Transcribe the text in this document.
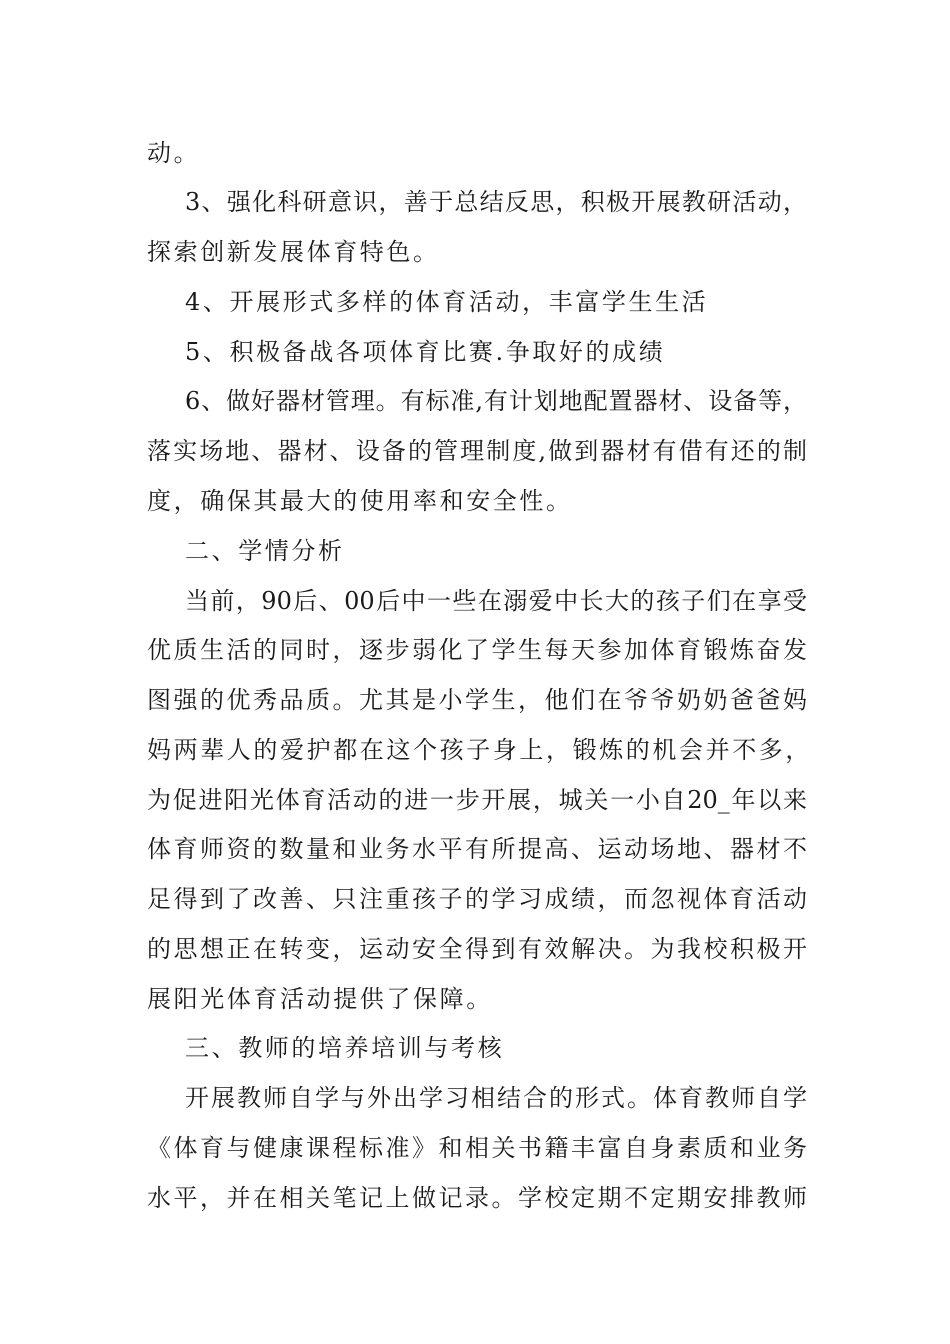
动。
3、强化科研意识，善于总结反思，积极开展教研活动，
探索创新发展体育特色。
4、开展形式多样的体育活动，丰富学生生活
5、积极备战各项体育比赛.争取好的成绩
6、做好器材管理。有标准,有计划地配置器材、设备等，
落实场地、器材、设备的管理制度,做到器材有借有还的制
度，确保其最大的使用率和安全性。
二、学情分析
当前，90后、00后中一些在溺爱中长大的孩子们在享受
优质生活的同时，逐步弱化了学生每天参加体育锻炼奋发
图强的优秀品质。尤其是小学生，他们在爷爷奶奶爸爸妈
妈两辈人的爱护都在这个孩子身上，锻炼的机会并不多，
为促进阳光体育活动的进一步开展，城关一小自20_年以来
体育师资的数量和业务水平有所提高、运动场地、器材不
足得到了改善、只注重孩子的学习成绩，而忽视体育活动
的思想正在转变，运动安全得到有效解决。为我校积极开
展阳光体育活动提供了保障。
三、教师的培养培训与考核
开展教师自学与外出学习相结合的形式。体育教师自学
《体育与健康课程标准》和相关书籍丰富自身素质和业务
水平，并在相关笔记上做记录。学校定期不定期安排教师
